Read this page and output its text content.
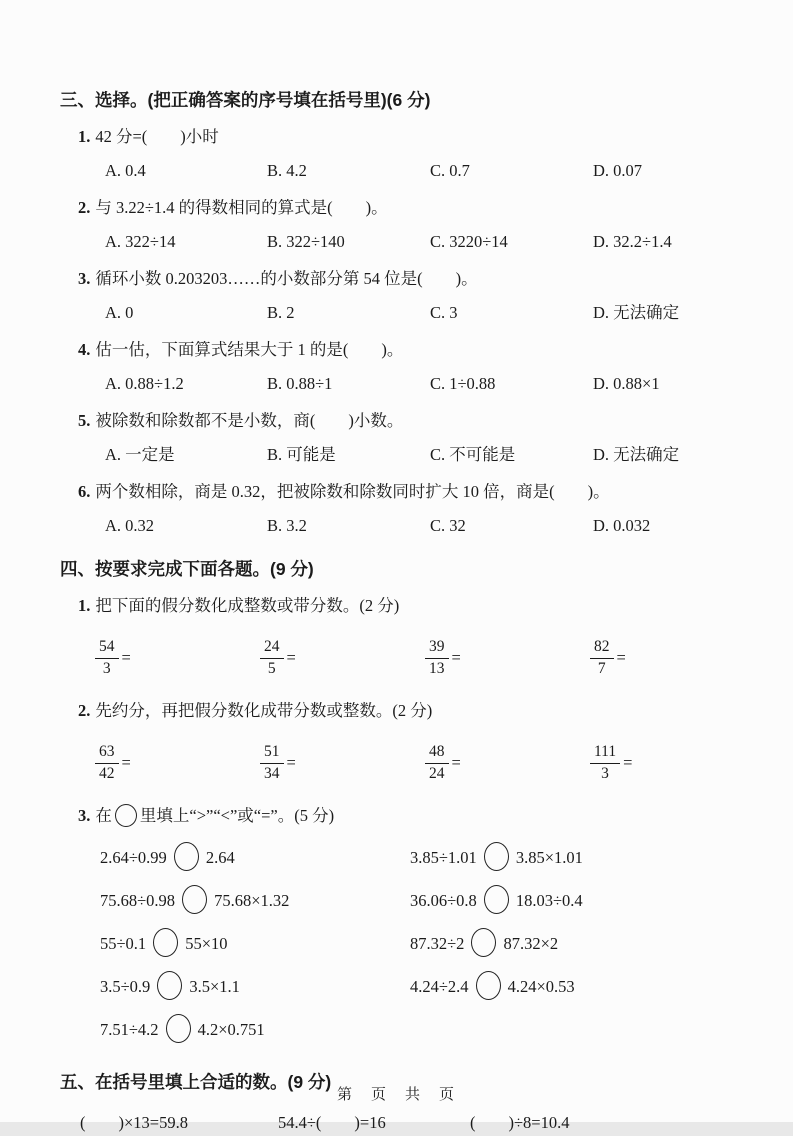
三、选择。(把正确答案的序号填在括号里)(6 分)
1. 42 分=(　　)小时
A. 0.4	B. 4.2	C. 0.7	D. 0.07
2. 与 3.22÷1.4 的得数相同的算式是(　　)。
A. 322÷14	B. 322÷140	C. 3220÷14	D. 32.2÷1.4
3. 循环小数 0.203203……的小数部分第 54 位是(　　)。
A. 0	B. 2	C. 3	D. 无法确定
4. 估一估，下面算式结果大于 1 的是(　　)。
A. 0.88÷1.2	B. 0.88÷1	C. 1÷0.88	D. 0.88×1
5. 被除数和除数都不是小数，商(　　)小数。
A. 一定是	B. 可能是	C. 不可能是	D. 无法确定
6. 两个数相除，商是 0.32，把被除数和除数同时扩大 10 倍，商是(　　)。
A. 0.32	B. 3.2	C. 32	D. 0.032
四、按要求完成下面各题。(9 分)
1. 把下面的假分数化成整数或带分数。(2 分)
$\frac{54}{3}$ =	$\frac{24}{5}$ =	$\frac{39}{13}$ =	$\frac{82}{7}$ =
2. 先约分，再把假分数化成带分数或整数。(2 分)
$\frac{63}{42}$ =	$\frac{51}{34}$ =	$\frac{48}{24}$ =	$\frac{111}{3}$ =
3. 在 里填上“>”“<”或“=”。(5 分)
2.64÷0.99 2.64	3.85÷1.01 3.85×1.01
75.68÷0.98 75.68×1.32	36.06÷0.8 18.03÷0.4
55÷0.1 55×10	87.32÷2 87.32×2
3.5÷0.9 3.5×1.1	4.24÷2.4 4.24×0.53
7.51÷4.2 4.2×0.751
五、在括号里填上合适的数。(9 分)
(　　)×13=59.8	54.4÷(　　)=16	(　　)÷8=10.4
第　页　共　页
